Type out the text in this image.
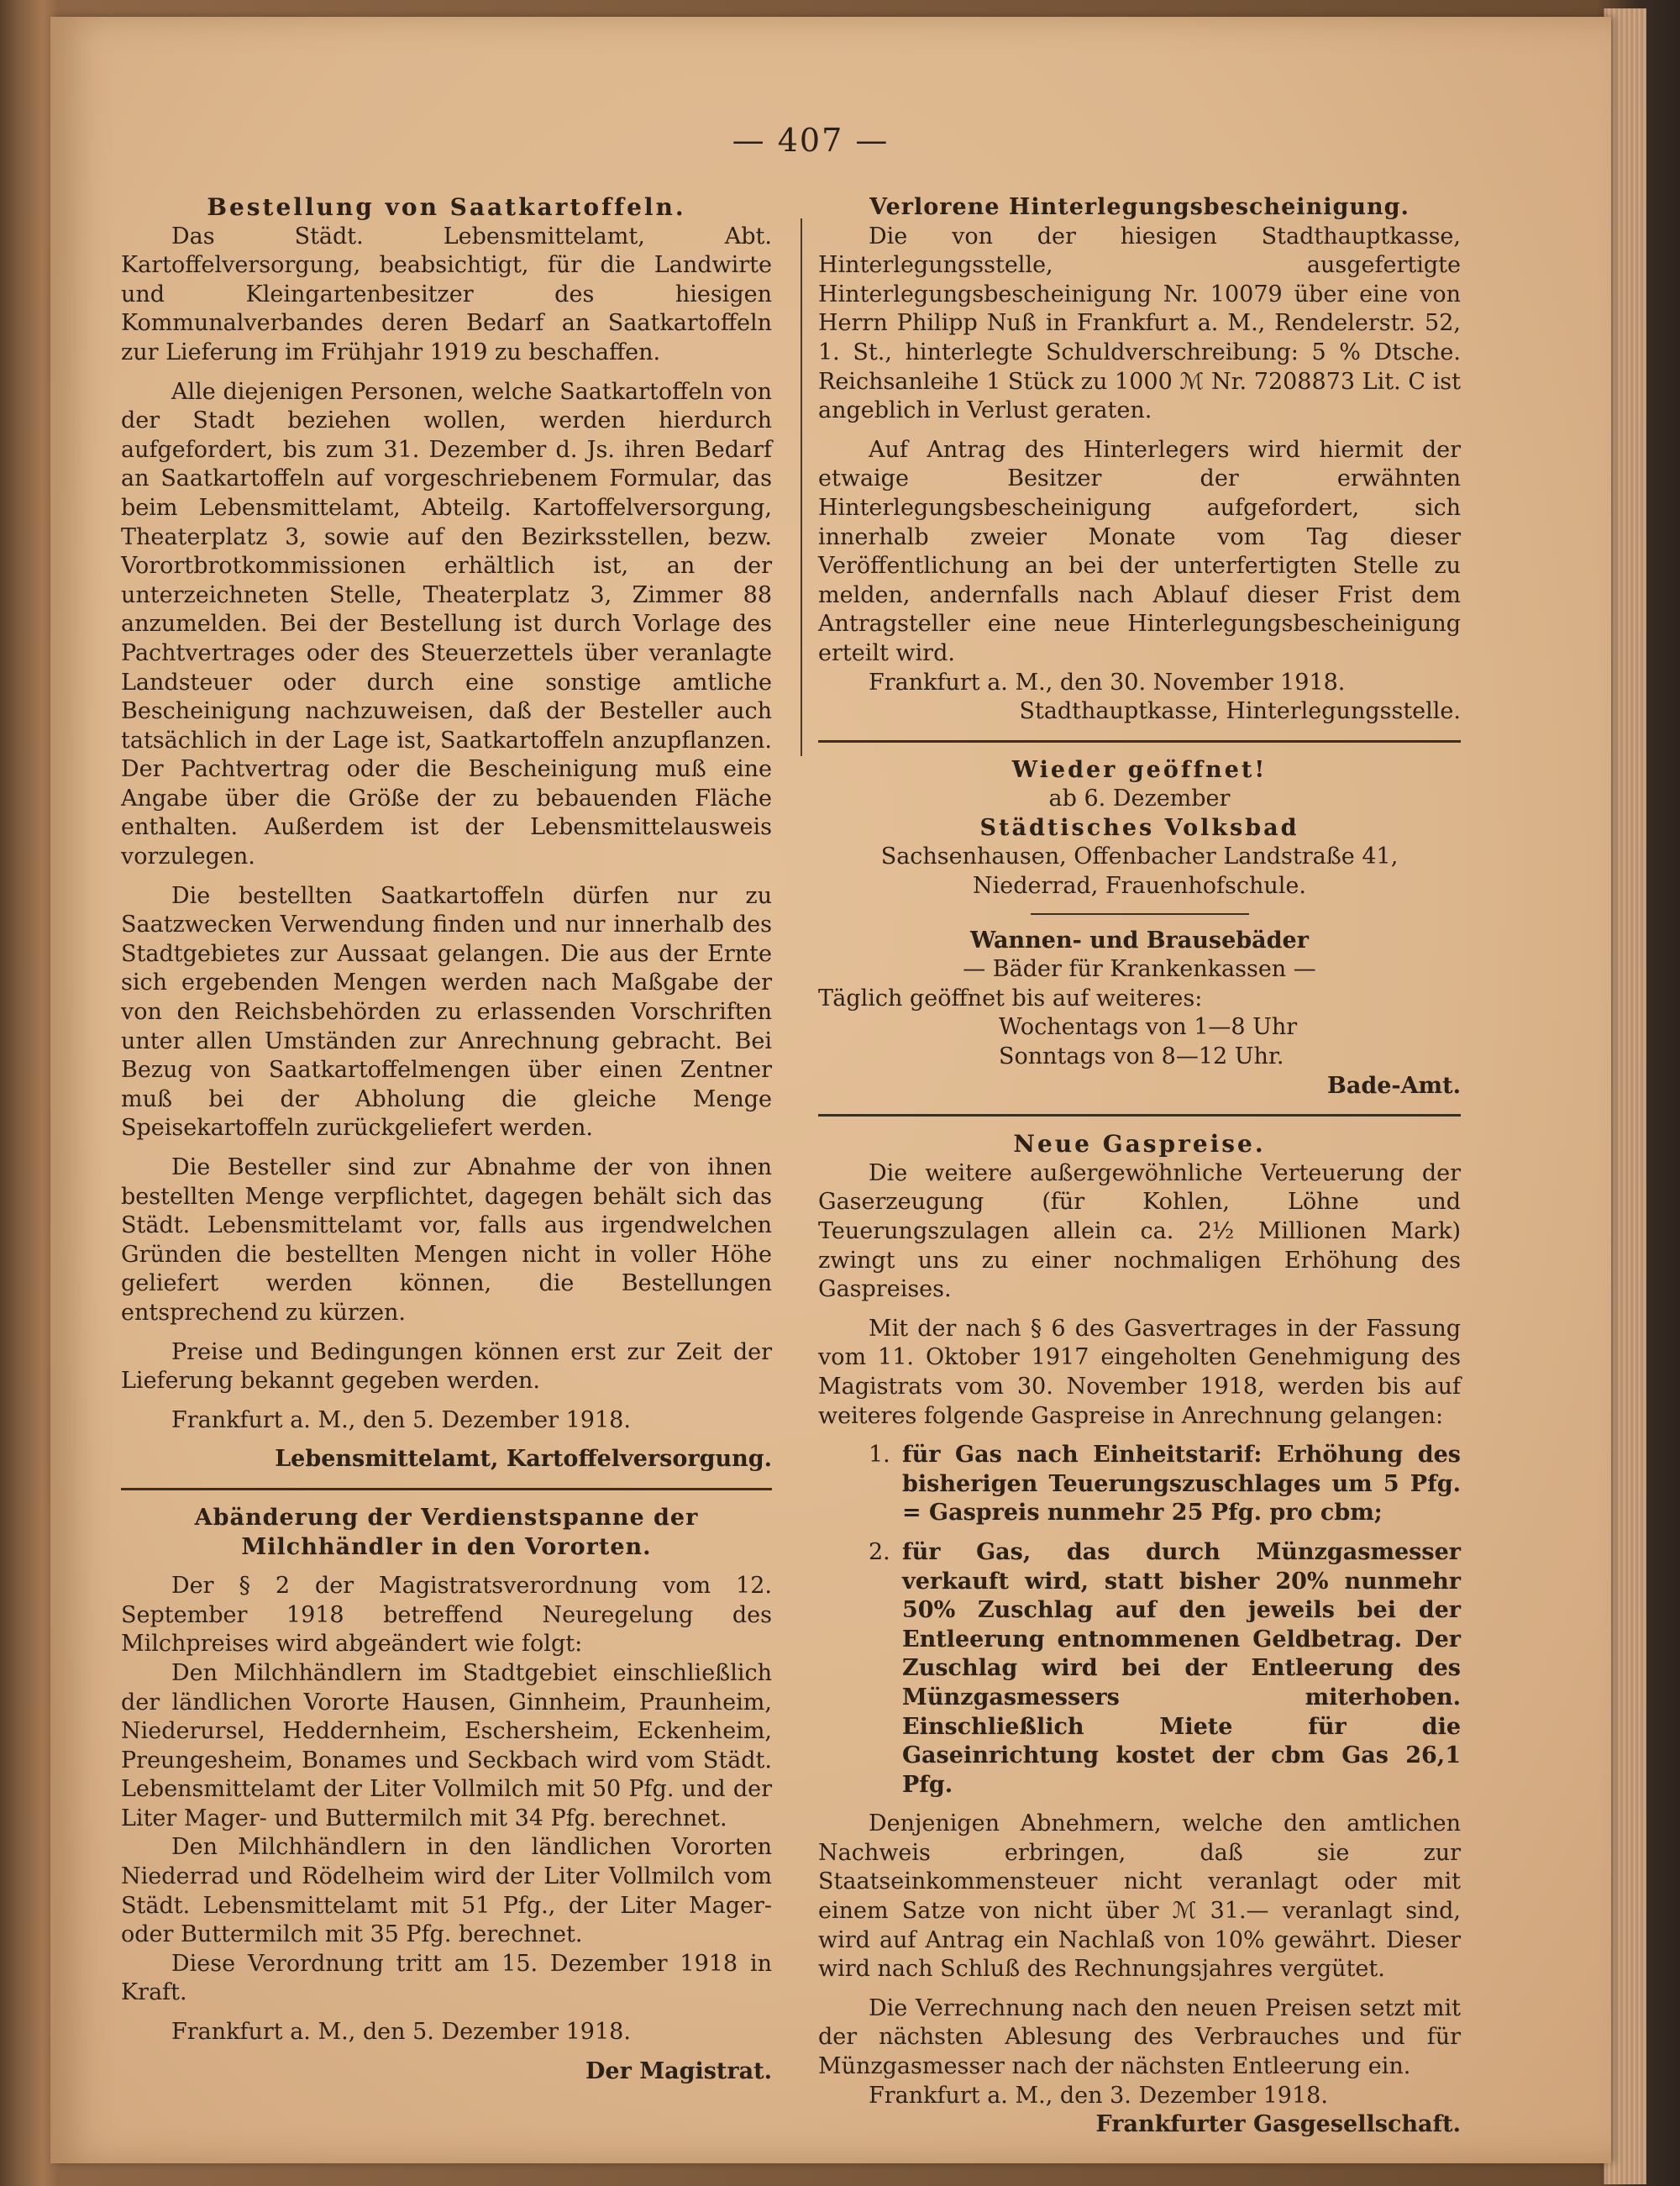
— 407 —

Bestellung von Saatkartoffeln.

Das Städt. Lebensmittelamt, Abt. Kartoffelversorgung, beabsichtigt, für die Landwirte und Kleingartenbesitzer des hiesigen Kommunalverbandes deren Bedarf an Saatkartoffeln zur Lieferung im Frühjahr 1919 zu beschaffen.

Alle diejenigen Personen, welche Saatkartoffeln von der Stadt beziehen wollen, werden hierdurch aufgefordert, bis zum 31. Dezember d. Js. ihren Bedarf an Saatkartoffeln auf vorgeschriebenem Formular, das beim Lebensmittelamt, Abteilg. Kartoffelversorgung, Theaterplatz 3, sowie auf den Bezirksstellen, bezw. Vorortbrotkommissionen erhältlich ist, an der unterzeichneten Stelle, Theaterplatz 3, Zimmer 88 anzumelden. Bei der Bestellung ist durch Vorlage des Pachtvertrages oder des Steuerzettels über veranlagte Landsteuer oder durch eine sonstige amtliche Bescheinigung nachzuweisen, daß der Besteller auch tatsächlich in der Lage ist, Saatkartoffeln anzupflanzen. Der Pachtvertrag oder die Bescheinigung muß eine Angabe über die Größe der zu bebauenden Fläche enthalten. Außerdem ist der Lebensmittelausweis vorzulegen.

Die bestellten Saatkartoffeln dürfen nur zu Saatzwecken Verwendung finden und nur innerhalb des Stadtgebietes zur Aussaat gelangen. Die aus der Ernte sich ergebenden Mengen werden nach Maßgabe der von den Reichsbehörden zu erlassenden Vorschriften unter allen Umständen zur Anrechnung gebracht. Bei Bezug von Saatkartoffelmengen über einen Zentner muß bei der Abholung die gleiche Menge Speisekartoffeln zurückgeliefert werden.

Die Besteller sind zur Abnahme der von ihnen bestellten Menge verpflichtet, dagegen behält sich das Städt. Lebensmittelamt vor, falls aus irgendwelchen Gründen die bestellten Mengen nicht in voller Höhe geliefert werden können, die Bestellungen entsprechend zu kürzen.

Preise und Bedingungen können erst zur Zeit der Lieferung bekannt gegeben werden.

Frankfurt a. M., den 5. Dezember 1918.

Lebensmittelamt, Kartoffelversorgung.

Abänderung der Verdienstspanne der Milchhändler in den Vororten.

Der § 2 der Magistratsverordnung vom 12. September 1918 betreffend Neuregelung des Milchpreises wird abgeändert wie folgt:

Den Milchhändlern im Stadtgebiet einschließlich der ländlichen Vororte Hausen, Ginnheim, Praunheim, Niederursel, Heddernheim, Eschersheim, Eckenheim, Preungesheim, Bonames und Seckbach wird vom Städt. Lebensmittelamt der Liter Vollmilch mit 50 Pfg. und der Liter Mager- und Buttermilch mit 34 Pfg. berechnet.

Den Milchhändlern in den ländlichen Vororten Niederrad und Rödelheim wird der Liter Vollmilch vom Städt. Lebensmittelamt mit 51 Pfg., der Liter Mager- oder Buttermilch mit 35 Pfg. berechnet.

Diese Verordnung tritt am 15. Dezember 1918 in Kraft.

Frankfurt a. M., den 5. Dezember 1918.

Der Magistrat.

Verlorene Hinterlegungsbescheinigung.

Die von der hiesigen Stadthauptkasse, Hinterlegungsstelle, ausgefertigte Hinterlegungsbescheinigung Nr. 10079 über eine von Herrn Philipp Nuß in Frankfurt a. M., Rendelerstr. 52, 1. St., hinterlegte Schuldverschreibung: 5 % Dtsche. Reichsanleihe 1 Stück zu 1000 ℳ Nr. 7208873 Lit. C ist angeblich in Verlust geraten.

Auf Antrag des Hinterlegers wird hiermit der etwaige Besitzer der erwähnten Hinterlegungsbescheinigung aufgefordert, sich innerhalb zweier Monate vom Tag dieser Veröffentlichung an bei der unterfertigten Stelle zu melden, andernfalls nach Ablauf dieser Frist dem Antragsteller eine neue Hinterlegungsbescheinigung erteilt wird.

Frankfurt a. M., den 30. November 1918.

Stadthauptkasse, Hinterlegungsstelle.

Wieder geöffnet!

ab 6. Dezember

Städtisches Volksbad

Sachsenhausen, Offenbacher Landstraße 41,

Niederrad, Frauenhofschule.

Wannen- und Brausebäder

— Bäder für Krankenkassen —

Täglich geöffnet bis auf weiteres:

Wochentags von 1—8 Uhr

Sonntags von 8—12 Uhr.

Bade-Amt.

Neue Gaspreise.

Die weitere außergewöhnliche Verteuerung der Gaserzeugung (für Kohlen, Löhne und Teuerungszulagen allein ca. 2½ Millionen Mark) zwingt uns zu einer nochmaligen Erhöhung des Gaspreises.

Mit der nach § 6 des Gasvertrages in der Fassung vom 11. Oktober 1917 eingeholten Genehmigung des Magistrats vom 30. November 1918, werden bis auf weiteres folgende Gaspreise in Anrechnung gelangen:

1. für Gas nach Einheitstarif: Erhöhung des bisherigen Teuerungszuschlages um 5 Pfg. = Gaspreis nunmehr 25 Pfg. pro cbm;
2. für Gas, das durch Münzgasmesser verkauft wird, statt bisher 20% nunmehr 50% Zuschlag auf den jeweils bei der Entleerung entnommenen Geldbetrag. Der Zuschlag wird bei der Entleerung des Münzgasmessers miterhoben. Einschließlich Miete für die Gaseinrichtung kostet der cbm Gas 26,1 Pfg.

Denjenigen Abnehmern, welche den amtlichen Nachweis erbringen, daß sie zur Staatseinkommensteuer nicht veranlagt oder mit einem Satze von nicht über ℳ 31.— veranlagt sind, wird auf Antrag ein Nachlaß von 10% gewährt. Dieser wird nach Schluß des Rechnungsjahres vergütet.

Die Verrechnung nach den neuen Preisen setzt mit der nächsten Ablesung des Verbrauches und für Münzgasmesser nach der nächsten Entleerung ein.

Frankfurt a. M., den 3. Dezember 1918.

Frankfurter Gasgesellschaft.
